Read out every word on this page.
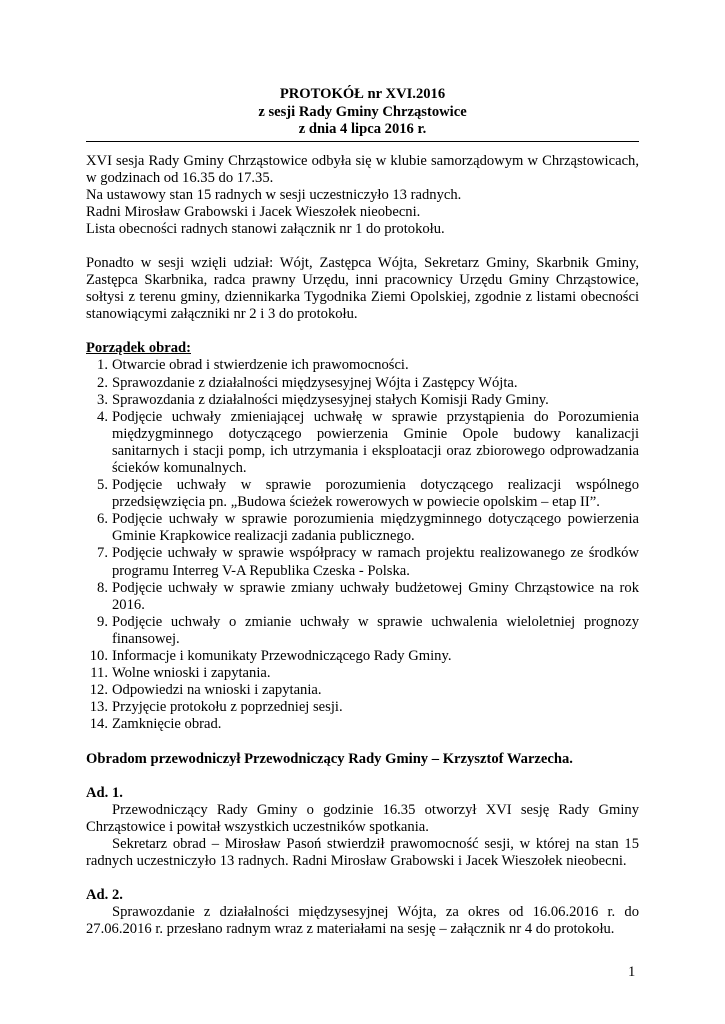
PROTOKÓŁ nr XVI.2016
z sesji Rady Gminy Chrząstowice
z dnia 4 lipca 2016 r.
XVI sesja Rady Gminy Chrząstowice odbyła się w klubie samorządowym w Chrząstowicach, w godzinach od 16.35 do 17.35.
Na ustawowy stan 15 radnych w sesji uczestniczyło 13 radnych.
Radni Mirosław Grabowski i Jacek Wieszołek nieobecni.
Lista obecności radnych stanowi załącznik nr 1 do protokołu.
Ponadto w sesji wzięli udział: Wójt, Zastępca Wójta, Sekretarz Gminy, Skarbnik Gminy, Zastępca Skarbnika, radca prawny Urzędu, inni pracownicy Urzędu Gminy Chrząstowice, sołtysi z terenu gminy, dziennikarka Tygodnika Ziemi Opolskiej, zgodnie z listami obecności stanowiącymi załączniki nr 2 i 3 do protokołu.
Porządek obrad:
1. Otwarcie obrad i stwierdzenie ich prawomocności.
2. Sprawozdanie z działalności międzysesyjnej Wójta i Zastępcy Wójta.
3. Sprawozdania z działalności międzysesyjnej stałych Komisji Rady Gminy.
4. Podjęcie uchwały zmieniającej uchwałę w sprawie przystąpienia do Porozumienia międzygminnego dotyczącego powierzenia Gminie Opole budowy kanalizacji sanitarnych i stacji pomp, ich utrzymania i eksploatacji oraz zbiorowego odprowadzania ścieków komunalnych.
5. Podjęcie uchwały w sprawie porozumienia dotyczącego realizacji wspólnego przedsięwzięcia pn. „Budowa ścieżek rowerowych w powiecie opolskim – etap II”.
6. Podjęcie uchwały w sprawie porozumienia międzygminnego dotyczącego powierzenia Gminie Krapkowice realizacji zadania publicznego.
7. Podjęcie uchwały w sprawie współpracy w ramach projektu realizowanego ze środków programu Interreg V-A Republika Czeska - Polska.
8. Podjęcie uchwały w sprawie zmiany uchwały budżetowej Gminy Chrząstowice na rok 2016.
9. Podjęcie uchwały o zmianie uchwały w sprawie uchwalenia wieloletniej prognozy finansowej.
10. Informacje i komunikaty Przewodniczącego Rady Gminy.
11. Wolne wnioski i zapytania.
12. Odpowiedzi na wnioski i zapytania.
13. Przyjęcie protokołu z poprzedniej sesji.
14. Zamknięcie obrad.
Obradom przewodniczył Przewodniczący Rady Gminy – Krzysztof Warzecha.
Ad. 1.
Przewodniczący Rady Gminy o godzinie 16.35 otworzył XVI sesję Rady Gminy Chrząstowice i powitał wszystkich uczestników spotkania.
Sekretarz obrad – Mirosław Pasoń stwierdził prawomocność sesji, w której na stan 15 radnych uczestniczyło 13 radnych. Radni Mirosław Grabowski i Jacek Wieszołek nieobecni.
Ad. 2.
Sprawozdanie z działalności międzysesyjnej Wójta, za okres od 16.06.2016 r. do 27.06.2016 r. przesłano radnym wraz z materiałami na sesję – załącznik nr 4 do protokołu.
1
